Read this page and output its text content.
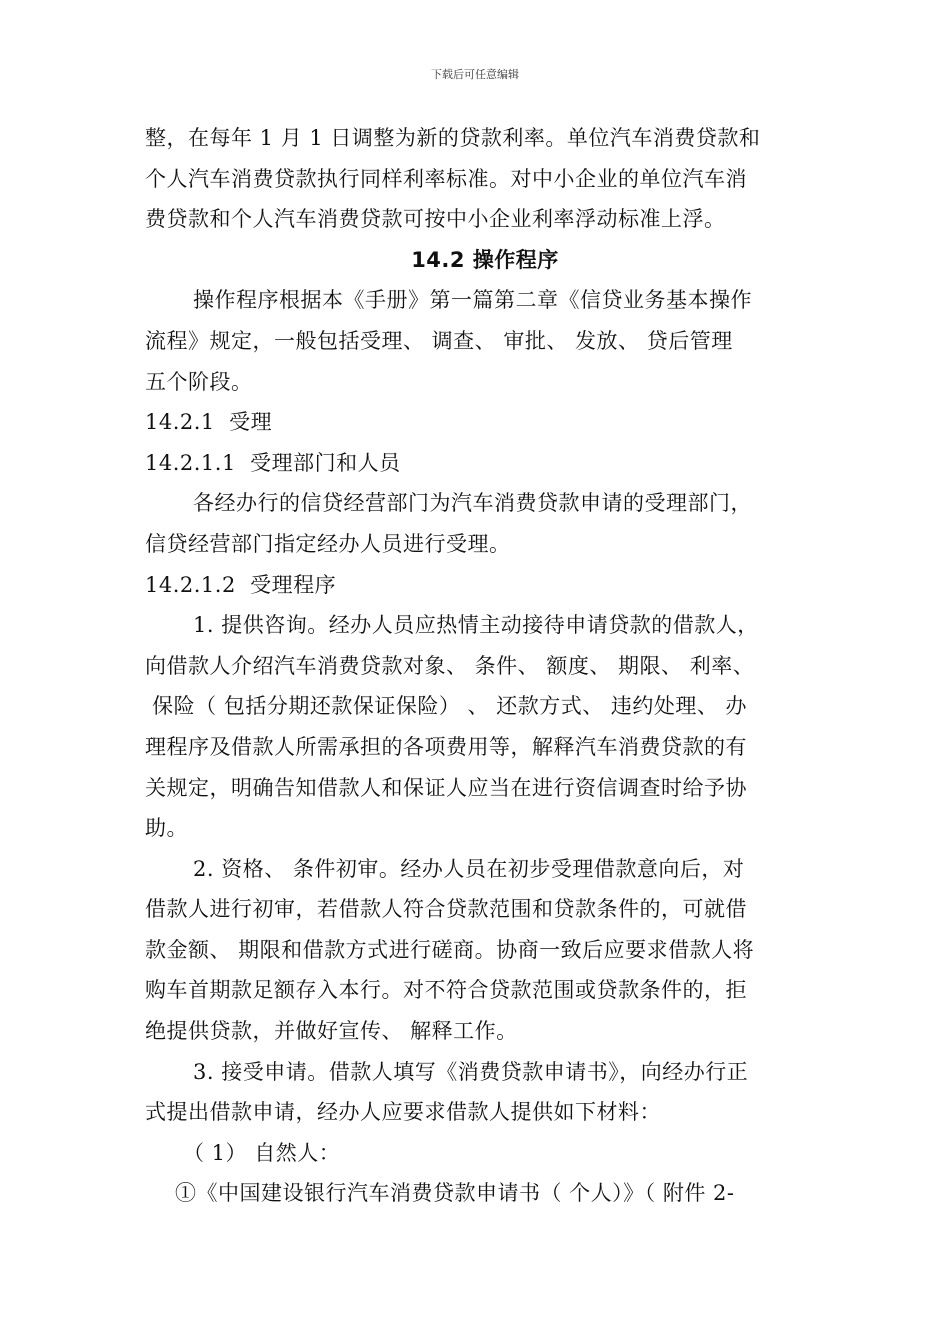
下载后可任意编辑
整，在每年 1 月 1 日调整为新的贷款利率。单位汽车消费贷款和
个人汽车消费贷款执行同样利率标准。对中小企业的单位汽车消
费贷款和个人汽车消费贷款可按中小企业利率浮动标准上浮。
14.2 操作程序
操作程序根据本《手册》第一篇第二章《信贷业务基本操作
流程》规定，一般包括受理、 调查、 审批、 发放、 贷后管理
五个阶段。
14.2.1  受理
14.2.1.1  受理部门和人员
各经办行的信贷经营部门为汽车消费贷款申请的受理部门，
信贷经营部门指定经办人员进行受理。
14.2.1.2  受理程序
1. 提供咨询。经办人员应热情主动接待申请贷款的借款人，
向借款人介绍汽车消费贷款对象、 条件、 额度、 期限、 利率、
保险（ 包括分期还款保证保险） 、 还款方式、 违约处理、 办
理程序及借款人所需承担的各项费用等，解释汽车消费贷款的有
关规定，明确告知借款人和保证人应当在进行资信调查时给予协
助。
2. 资格、 条件初审。经办人员在初步受理借款意向后，对
借款人进行初审，若借款人符合贷款范围和贷款条件的，可就借
款金额、 期限和借款方式进行磋商。协商一致后应要求借款人将
购车首期款足额存入本行。对不符合贷款范围或贷款条件的，拒
绝提供贷款，并做好宣传、 解释工作。
3. 接受申请。借款人填写《消费贷款申请书》，向经办行正
式提出借款申请，经办人应要求借款人提供如下材料：
（ 1） 自然人：
①《中国建设银行汽车消费贷款申请书（ 个人）》（ 附件 2-
